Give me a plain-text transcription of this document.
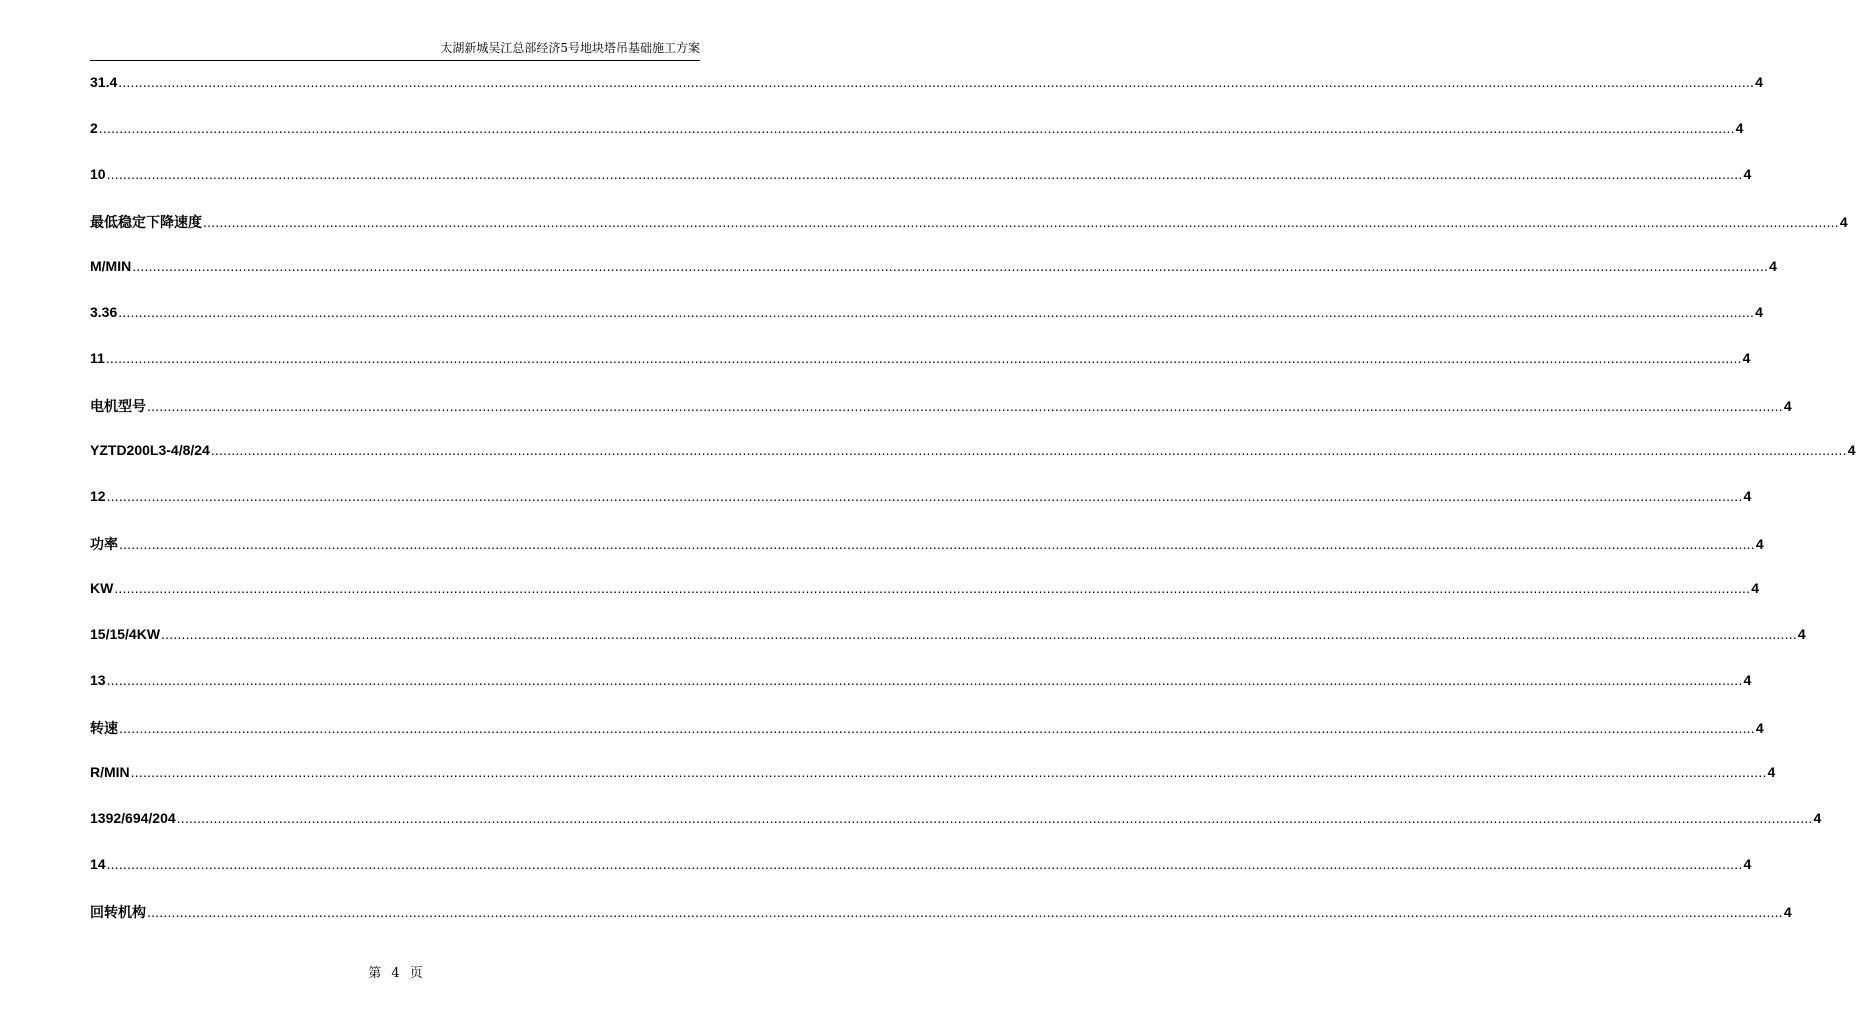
太湖新城吴江总部经济5号地块塔吊基础施工方案
31.4 ................................................................................................................................................................................................................................................................................................................................................................................................................ 4
2 ................................................................................................................................................................................................................................................................................................................................................................................................................ 4
10 ................................................................................................................................................................................................................................................................................................................................................................................................................ 4
最低稳定下降速度 ................................................................................................................................................................................................................................................................................................................................................................................................................ 4
M/MIN ................................................................................................................................................................................................................................................................................................................................................................................................................ 4
3.36 ................................................................................................................................................................................................................................................................................................................................................................................................................ 4
11 ................................................................................................................................................................................................................................................................................................................................................................................................................ 4
电机型号 ................................................................................................................................................................................................................................................................................................................................................................................................................ 4
YZTD200L3-4/8/24 ................................................................................................................................................................................................................................................................................................................................................................................................................ 4
12 ................................................................................................................................................................................................................................................................................................................................................................................................................ 4
功率 ................................................................................................................................................................................................................................................................................................................................................................................................................ 4
KW ................................................................................................................................................................................................................................................................................................................................................................................................................ 4
15/15/4KW ................................................................................................................................................................................................................................................................................................................................................................................................................ 4
13 ................................................................................................................................................................................................................................................................................................................................................................................................................ 4
转速 ................................................................................................................................................................................................................................................................................................................................................................................................................ 4
R/MIN ................................................................................................................................................................................................................................................................................................................................................................................................................ 4
1392/694/204 ................................................................................................................................................................................................................................................................................................................................................................................................................ 4
14 ................................................................................................................................................................................................................................................................................................................................................................................................................ 4
回转机构 ................................................................................................................................................................................................................................................................................................................................................................................................................ 4
第 4 页
